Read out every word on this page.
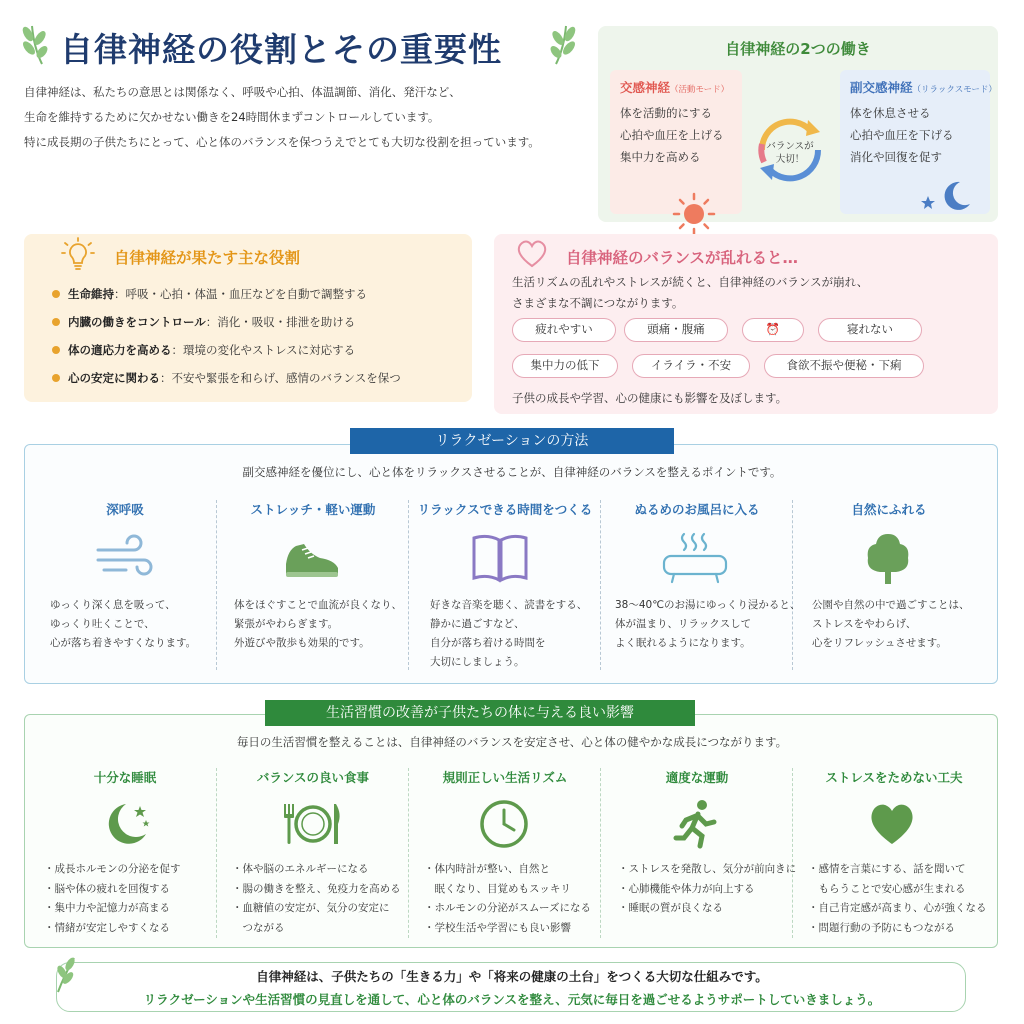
自律神経の役割とその重要性
自律神経は、私たちの意思とは関係なく、呼吸や心拍、体温調節、消化、発汗など、
生命を維持するために欠かせない働きを24時間休まずコントロールしています。
特に成長期の子供たちにとって、心と体のバランスを保つうえでとても大切な役割を担っています。
自律神経の2つの働き
交感神経（活動モード）
体を活動的にする
心拍や血圧を上げる
集中力を高める
バランスが
大切！
副交感神経（リラックスモード）
体を休息させる
心拍や血圧を下げる
消化や回復を促す
自律神経が果たす主な役割
生命維持：呼吸・心拍・体温・血圧などを自動で調整する
内臓の働きをコントロール：消化・吸収・排泄を助ける
体の適応力を高める：環境の変化やストレスに対応する
心の安定に関わる：不安や緊張を和らげ、感情のバランスを保つ
自律神経のバランスが乱れると…
生活リズムの乱れやストレスが続くと、自律神経のバランスが崩れ、
さまざまな不調につながります。
疲れやすい	頭痛・腹痛	⏰	寝れない
集中力の低下	イライラ・不安	食欲不振や便秘・下痢
子供の成長や学習、心の健康にも影響を及ぼします。
リラクゼーションの方法
副交感神経を優位にし、心と体をリラックスさせることが、自律神経のバランスを整えるポイントです。
深呼吸
ゆっくり深く息を吸って、
ゆっくり吐くことで、
心が落ち着きやすくなります。
ストレッチ・軽い運動
体をほぐすことで血流が良くなり、
緊張がやわらぎます。
外遊びや散歩も効果的です。
リラックスできる時間をつくる
好きな音楽を聴く、読書をする、
静かに過ごすなど、
自分が落ち着ける時間を
大切にしましょう。
ぬるめのお風呂に入る
38〜40℃のお湯にゆっくり浸かると、
体が温まり、リラックスして
よく眠れるようになります。
自然にふれる
公園や自然の中で過ごすことは、
ストレスをやわらげ、
心をリフレッシュさせます。
生活習慣の改善が子供たちの体に与える良い影響
毎日の生活習慣を整えることは、自律神経のバランスを安定させ、心と体の健やかな成長につながります。
十分な睡眠
・成長ホルモンの分泌を促す
・脳や体の疲れを回復する
・集中力や記憶力が高まる
・情緒が安定しやすくなる
バランスの良い食事
・体や脳のエネルギーになる
・腸の働きを整え、免疫力を高める
・血糖値の安定が、気分の安定に
　つながる
規則正しい生活リズム
・体内時計が整い、自然と
　眠くなり、目覚めもスッキリ
・ホルモンの分泌がスムーズになる
・学校生活や学習にも良い影響
適度な運動
・ストレスを発散し、気分が前向きに
・心肺機能や体力が向上する
・睡眠の質が良くなる
ストレスをためない工夫
・感情を言葉にする、話を聞いて
　もらうことで安心感が生まれる
・自己肯定感が高まり、心が強くなる
・問題行動の予防にもつながる
自律神経は、子供たちの「生きる力」や「将来の健康の土台」をつくる大切な仕組みです。
リラクゼーションや生活習慣の見直しを通して、心と体のバランスを整え、元気に毎日を過ごせるようサポートしていきましょう。
